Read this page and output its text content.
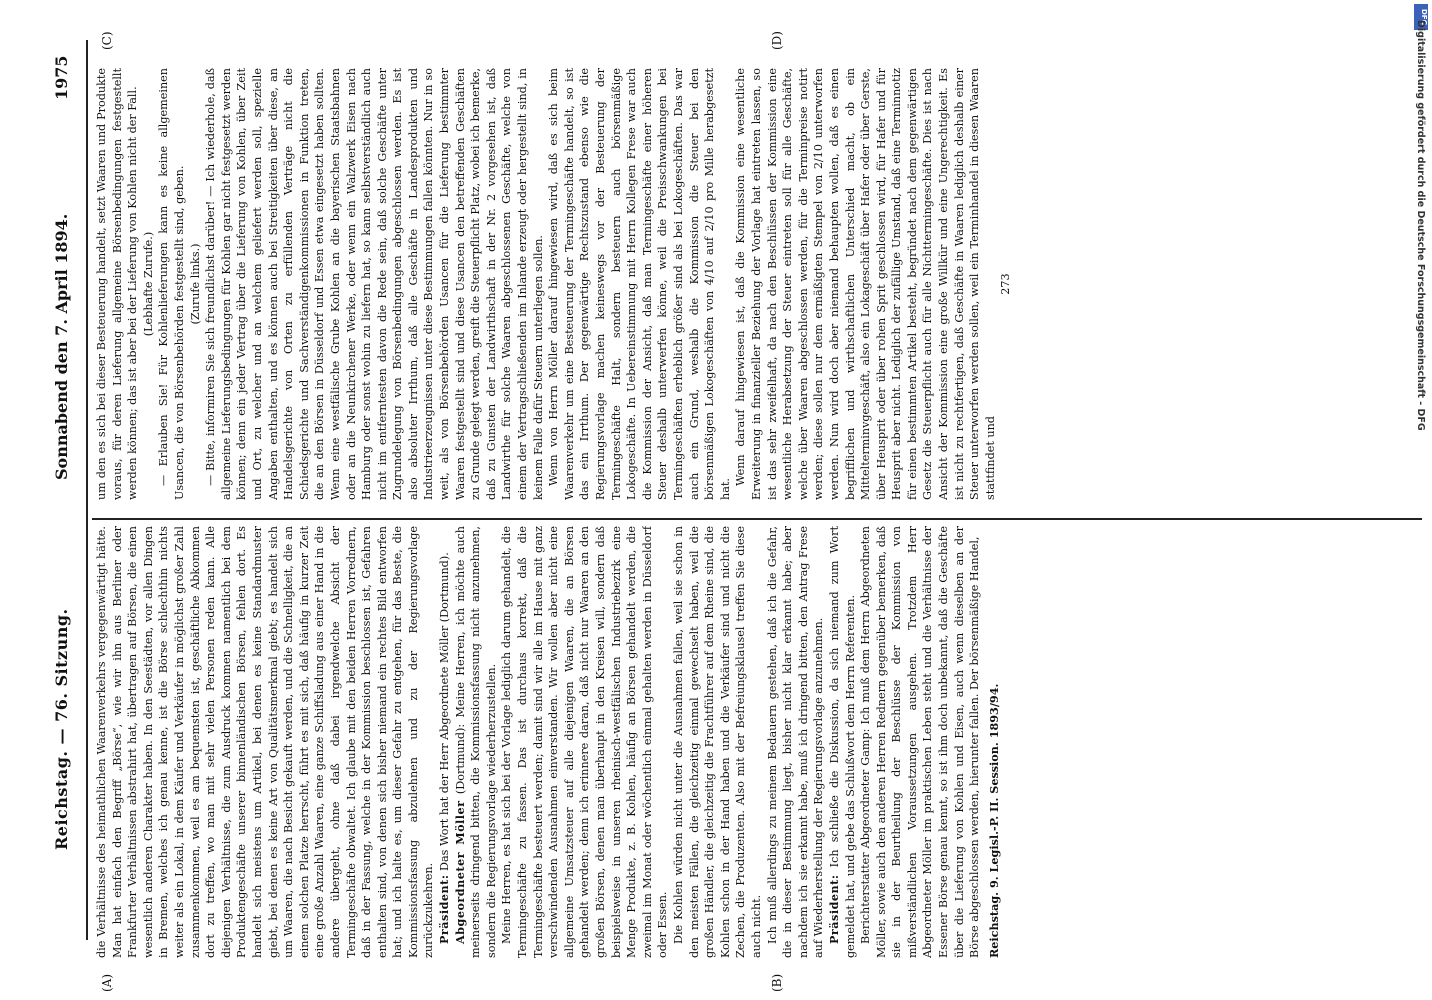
DFG
Digitalisierung gefördert durch die Deutsche Forschungsgemeinschaft - DFG
Reichstag. — 76. Sitzung.
Sonnabend den 7. April 1894.
1975
(A)	(B)
(C)	(D)

die Verhältnisse des heimathlichen Waarenverkehrs vergegenwärtigt hätte. Man hat einfach den Begriff „Börse“, wie wir ihn aus Berliner oder Frankfurter Verhältnissen abstrahirt hat, übertragen auf Börsen, die einen wesentlich anderen Charakter haben. In den Seestädten, vor allen Dingen in Bremen, welches ich genau kenne, ist die Börse schlechthin nichts weiter als ein Lokal, in dem Käufer und Verkäufer in möglichst großer Zahl zusammenkommen, weil es am bequemsten ist, geschäftliche Abkommen dort zu treffen, wo man mit sehr vielen Personen reden kann. Alle diejenigen Verhältnisse, die zum Ausdruck kommen namentlich bei dem Produktengeschäfte unserer binnenländischen Börsen, fehlen dort. Es handelt sich meistens um Artikel, bei denen es keine Standardmuster giebt, bei denen es keine Art von Qualitätsmerkmal giebt; es handelt sich um Waaren, die nach Besicht gekauft werden, und die Schnelligkeit, die an einem solchen Platze herrscht, führt es mit sich, daß häufig in kurzer Zeit eine große Anzahl Waaren, eine ganze Schiffsladung aus einer Hand in die andere übergeht, ohne daß dabei irgendwelche Absicht der Termingeschäfte obwaltet. Ich glaube mit den beiden Herren Vorrednern, daß in der Fassung, welche in der Kommission beschlossen ist, Gefahren enthalten sind, von denen sich bisher niemand ein rechtes Bild entworfen hat; und ich halte es, um dieser Gefahr zu entgehen, für das Beste, die Kommissionsfassung abzulehnen und zu der Regierungsvorlage zurückzukehren. Präsident: Das Wort hat der Herr Abgeordnete Möller (Dortmund).

Abgeordneter Möller (Dortmund): Meine Herren, ich möchte auch meinerseits dringend bitten, die Kommissionsfassung nicht anzunehmen, sondern die Regierungsvorlage wiederherzustellen. Meine Herren, es hat sich bei der Vorlage lediglich darum gehandelt, die Termingeschäfte zu fassen. Das ist durchaus korrekt, daß die Termingeschäfte besteuert werden; damit sind wir alle im Hause mit ganz verschwindenden Ausnahmen einverstanden. Wir wollen aber nicht eine allgemeine Umsatzsteuer auf alle diejenigen Waaren, die an Börsen gehandelt werden; denn ich erinnere daran, daß nicht nur Waaren an den großen Börsen, denen man überhaupt in den Kreisen will, sondern daß beispielsweise in unseren rheinisch-westfälischen Industriebezirk eine Menge Produkte, z. B. Kohlen, häufig an Börsen gehandelt werden, die zweimal im Monat oder wöchentlich einmal gehalten werden in Düsseldorf oder Essen. Die Kohlen würden nicht unter die Ausnahmen fallen, weil sie schon in den meisten Fällen, die gleichzeitig einmal gewechselt haben, weil die großen Händler, die gleichzeitig die Frachtführer auf dem Rheine sind, die Kohlen schon in der Hand haben und die Verkäufer sind und nicht die Zechen, die Produzenten. Also mit der Befreiungsklausel treffen Sie diese auch nicht. Ich muß allerdings zu meinem Bedauern gestehen, daß ich die Gefahr, die in dieser Bestimmung liegt, bisher nicht klar erkannt habe; aber nachdem ich sie erkannt habe, muß ich dringend bitten, den Antrag Frese auf Wiederherstellung der Regierungsvorlage anzunehmen. Präsident: Ich schließe die Diskussion, da sich niemand zum Wort gemeldet hat, und gebe das Schlußwort dem Herrn Referenten. Berichterstatter Abgeordneter Gamp: Ich muß dem Herrn Abgeordneten Möller, sowie auch den anderen Herren Rednern gegenüber bemerken, daß sie in der Beurtheilung der Beschlüsse der Kommission von mißverständlichen Voraussetzungen ausgehen. Trotzdem Herr Abgeordneter Möller im praktischen Leben steht und die Verhältnisse der Essener Börse genau kennt, so ist ihm doch unbekannt, daß die Geschäfte über die Lieferung von Kohlen und Eisen, auch wenn dieselben an der Börse abgeschlossen werden, hierunter fallen. Der börsenmäßige Handel, Reichstag. 9. Legisl.-P. II. Session. 1893/94.

um den es sich bei dieser Besteuerung handelt, setzt Waaren und Produkte voraus, für deren Lieferung allgemeine Börsenbedingungen festgestellt werden können; das ist aber bei der Lieferung von Kohlen nicht der Fall. (Lebhafte Zurufe.) — Erlauben Sie! Für Kohlenlieferungen kann es keine allgemeinen Usancen, die von Börsenbehörden festgestellt sind, geben. (Zurufe links.) — Bitte, informiren Sie sich freundlichst darüber! — Ich wiederhole, daß allgemeine Lieferungsbedingungen für Kohlen gar nicht festgesetzt werden können; denn ein jeder Vertrag über die Lieferung von Kohlen, über Zeit und Ort, zu welcher und an welchem geliefert werden soll, spezielle Angaben enthalten, und es können auch bei Streitigkeiten über diese, an Handelsgerichte von Orten zu erfüllenden Verträge nicht die Schiedsgerichte und Sachverständigenkommissionen in Funktion treten, die an den Börsen in Düsseldorf und Essen etwa eingesetzt haben sollten. Wenn eine westfälische Grube Kohlen an die bayerischen Staatsbahnen oder an die Neunkirchener Werke, oder wenn ein Walzwerk Eisen nach Hamburg oder sonst wohin zu liefern hat, so kann selbstverständlich auch nicht im entferntesten davon die Rede sein, daß solche Geschäfte unter Zugrundelegung von Börsenbedingungen abgeschlossen werden. Es ist also absoluter Irrthum, daß alle Geschäfte in Landesprodukten und Industrieerzeugnissen unter diese Bestimmungen fallen könnten. Nur in so weit, als von Börsenbehörden Usancen für die Lieferung bestimmter Waaren festgestellt sind und diese Usancen den betreffenden Geschäften zu Grunde gelegt werden, greift die Steuerpflicht Platz, wobei ich bemerke, daß zu Gunsten der Landwirthschaft in der Nr. 2 vorgesehen ist, daß Landwirthe für solche Waaren abgeschlossenen Geschäfte, welche von einem der Vertragschließenden im Inlande erzeugt oder hergestellt sind, in keinem Falle dafür Steuern unterliegen sollen. Wenn von Herrn Möller darauf hingewiesen wird, daß es sich beim Waarenverkehr um eine Besteuerung der Termingeschäfte handelt, so ist das ein Irrthum. Der gegenwärtige Rechtszustand ebenso wie die Regierungsvorlage machen keineswegs vor der Besteuerung der Termingeschäfte Halt, sondern besteuern auch börsenmäßige Lokogeschäfte. In Uebereinstimmung mit Herrn Kollegen Frese war auch die Kommission der Ansicht, daß man Termingeschäfte einer höheren Steuer deshalb unterwerfen könne, weil die Preisschwankungen bei Termingeschäften erheblich größer sind als bei Lokogeschäften. Das war auch ein Grund, weshalb die Kommission die Steuer bei den börsenmäßigen Lokogeschäften von 4/10 auf 2/10 pro Mille herabgesetzt hat.

Wenn darauf hingewiesen ist, daß die Kommission eine wesentliche Erweiterung in finanzieller Beziehung der Vorlage hat eintreten lassen, so ist das sehr zweifelhaft, da nach den Beschlüssen der Kommission eine wesentliche Herabsetzung der Steuer eintreten soll für alle Geschäfte, welche über Waaren abgeschlossen werden, für die Terminpreise notirt werden; diese sollen nur dem ermäßigten Stempel von 2/10 unterworfen werden. Nun wird doch aber niemand behaupten wollen, daß es einen begrifflichen und wirthschaftlichen Unterschied macht, ob ein Mittelterminvgeschäft, also ein Lokageschäft über Hafer oder über Gerste, über Heusprit oder über rohen Sprit geschlossen wird, für Hafer und für Heusprit aber nicht. Lediglich der zufällige Umstand, daß eine Terminnotiz für einen bestimmten Artikel besteht, begründet nach dem gegenwärtigen Gesetz die Steuerpflicht auch für alle Nichttermingeschäfte. Dies ist nach Ansicht der Kommission eine große Willkür und eine Ungerechtigkeit. Es ist nicht zu rechtfertigen, daß Geschäfte in Waaren lediglich deshalb einer Steuer unterworfen werden sollen, weil ein Terminhandel in diesen Waaren stattfindet und

273
